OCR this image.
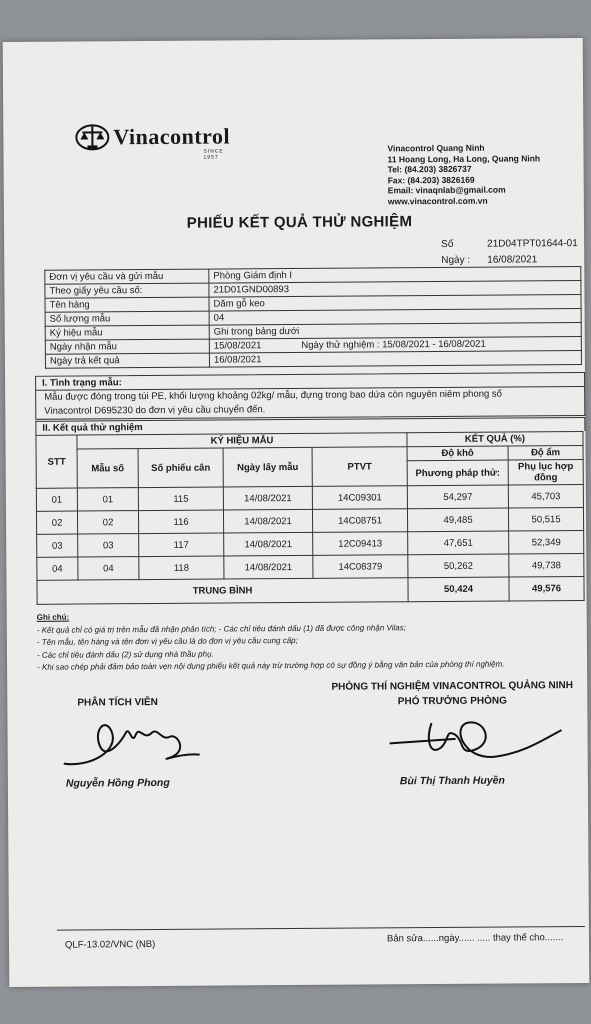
Vinacontrol
SINCE 1957
Vinacontrol Quang Ninh
11 Hoang Long, Ha Long, Quang Ninh
Tel: (84.203) 3826737
Fax: (84.203) 3826169
Email: vinaqnlab@gmail.com
www.vinacontrol.com.vn
PHIẾU KẾT QUẢ THỬ NGHIỆM
Số	21D04TPT01644-01
Ngày : 16/08/2021
Đơn vị yêu cầu và gửi mẫu	Phòng Giám định I
Theo giấy yêu cầu số:	21D01GND00893
Tên hàng	Dăm gỗ keo
Số lượng mẫu	04
Ký hiệu mẫu	Ghi trong bảng dưới
Ngày nhận mẫu	15/08/2021 Ngày thử nghiệm : 15/08/2021 - 16/08/2021
Ngày trả kết quả	16/08/2021
I. Tình trạng mẫu:

Mẫu được đóng trong túi PE, khối lượng khoảng 02kg/ mẫu, đựng trong bao dứa còn nguyên niêm phong số

Vinacontrol D695230 do đơn vị yêu cầu chuyển đến.

II. Kết quả thử nghiệm
STT	KÝ HIỆU MẪU				KẾT QUẢ (%)	
	Mẫu số	Số phiếu cân	Ngày lấy mẫu	PTVT	Độ khô	Độ ẩm
					Phương pháp thử:	Phụ lục hợp đồng
01	01	115	14/08/2021	14C09301	54,297	45,703
02	02	116	14/08/2021	14C08751	49,485	50,515
03	03	117	14/08/2021	12C09413	47,651	52,349
04	04	118	14/08/2021	14C08379	50,262	49,738
TRUNG BÌNH					50,424	49,576
Ghi chú:
- Kết quả chỉ có giá trị trên mẫu đã nhận phân tích; - Các chỉ tiêu đánh dấu (1) đã được công nhận Vilas;
- Tên mẫu, tên hàng và tên đơn vị yêu cầu là do đơn vị yêu cầu cung cấp;
- Các chỉ tiêu đánh dấu (2) sử dụng nhà thầu phụ.
- Khi sao chép phải đảm bảo toàn vẹn nội dung phiếu kết quả này trừ trường hợp có sự đồng ý bằng văn bản của phòng thí nghiệm.
PHÂN TÍCH VIÊN
PHÒNG THÍ NGHIỆM VINACONTROL QUẢNG NINH
PHÓ TRƯỞNG PHÒNG
Nguyễn Hồng Phong	Bùi Thị Thanh Huyền
QLF-13.02/VNC (NB)
Bản sửa......ngày...... ..... thay thế cho.......
